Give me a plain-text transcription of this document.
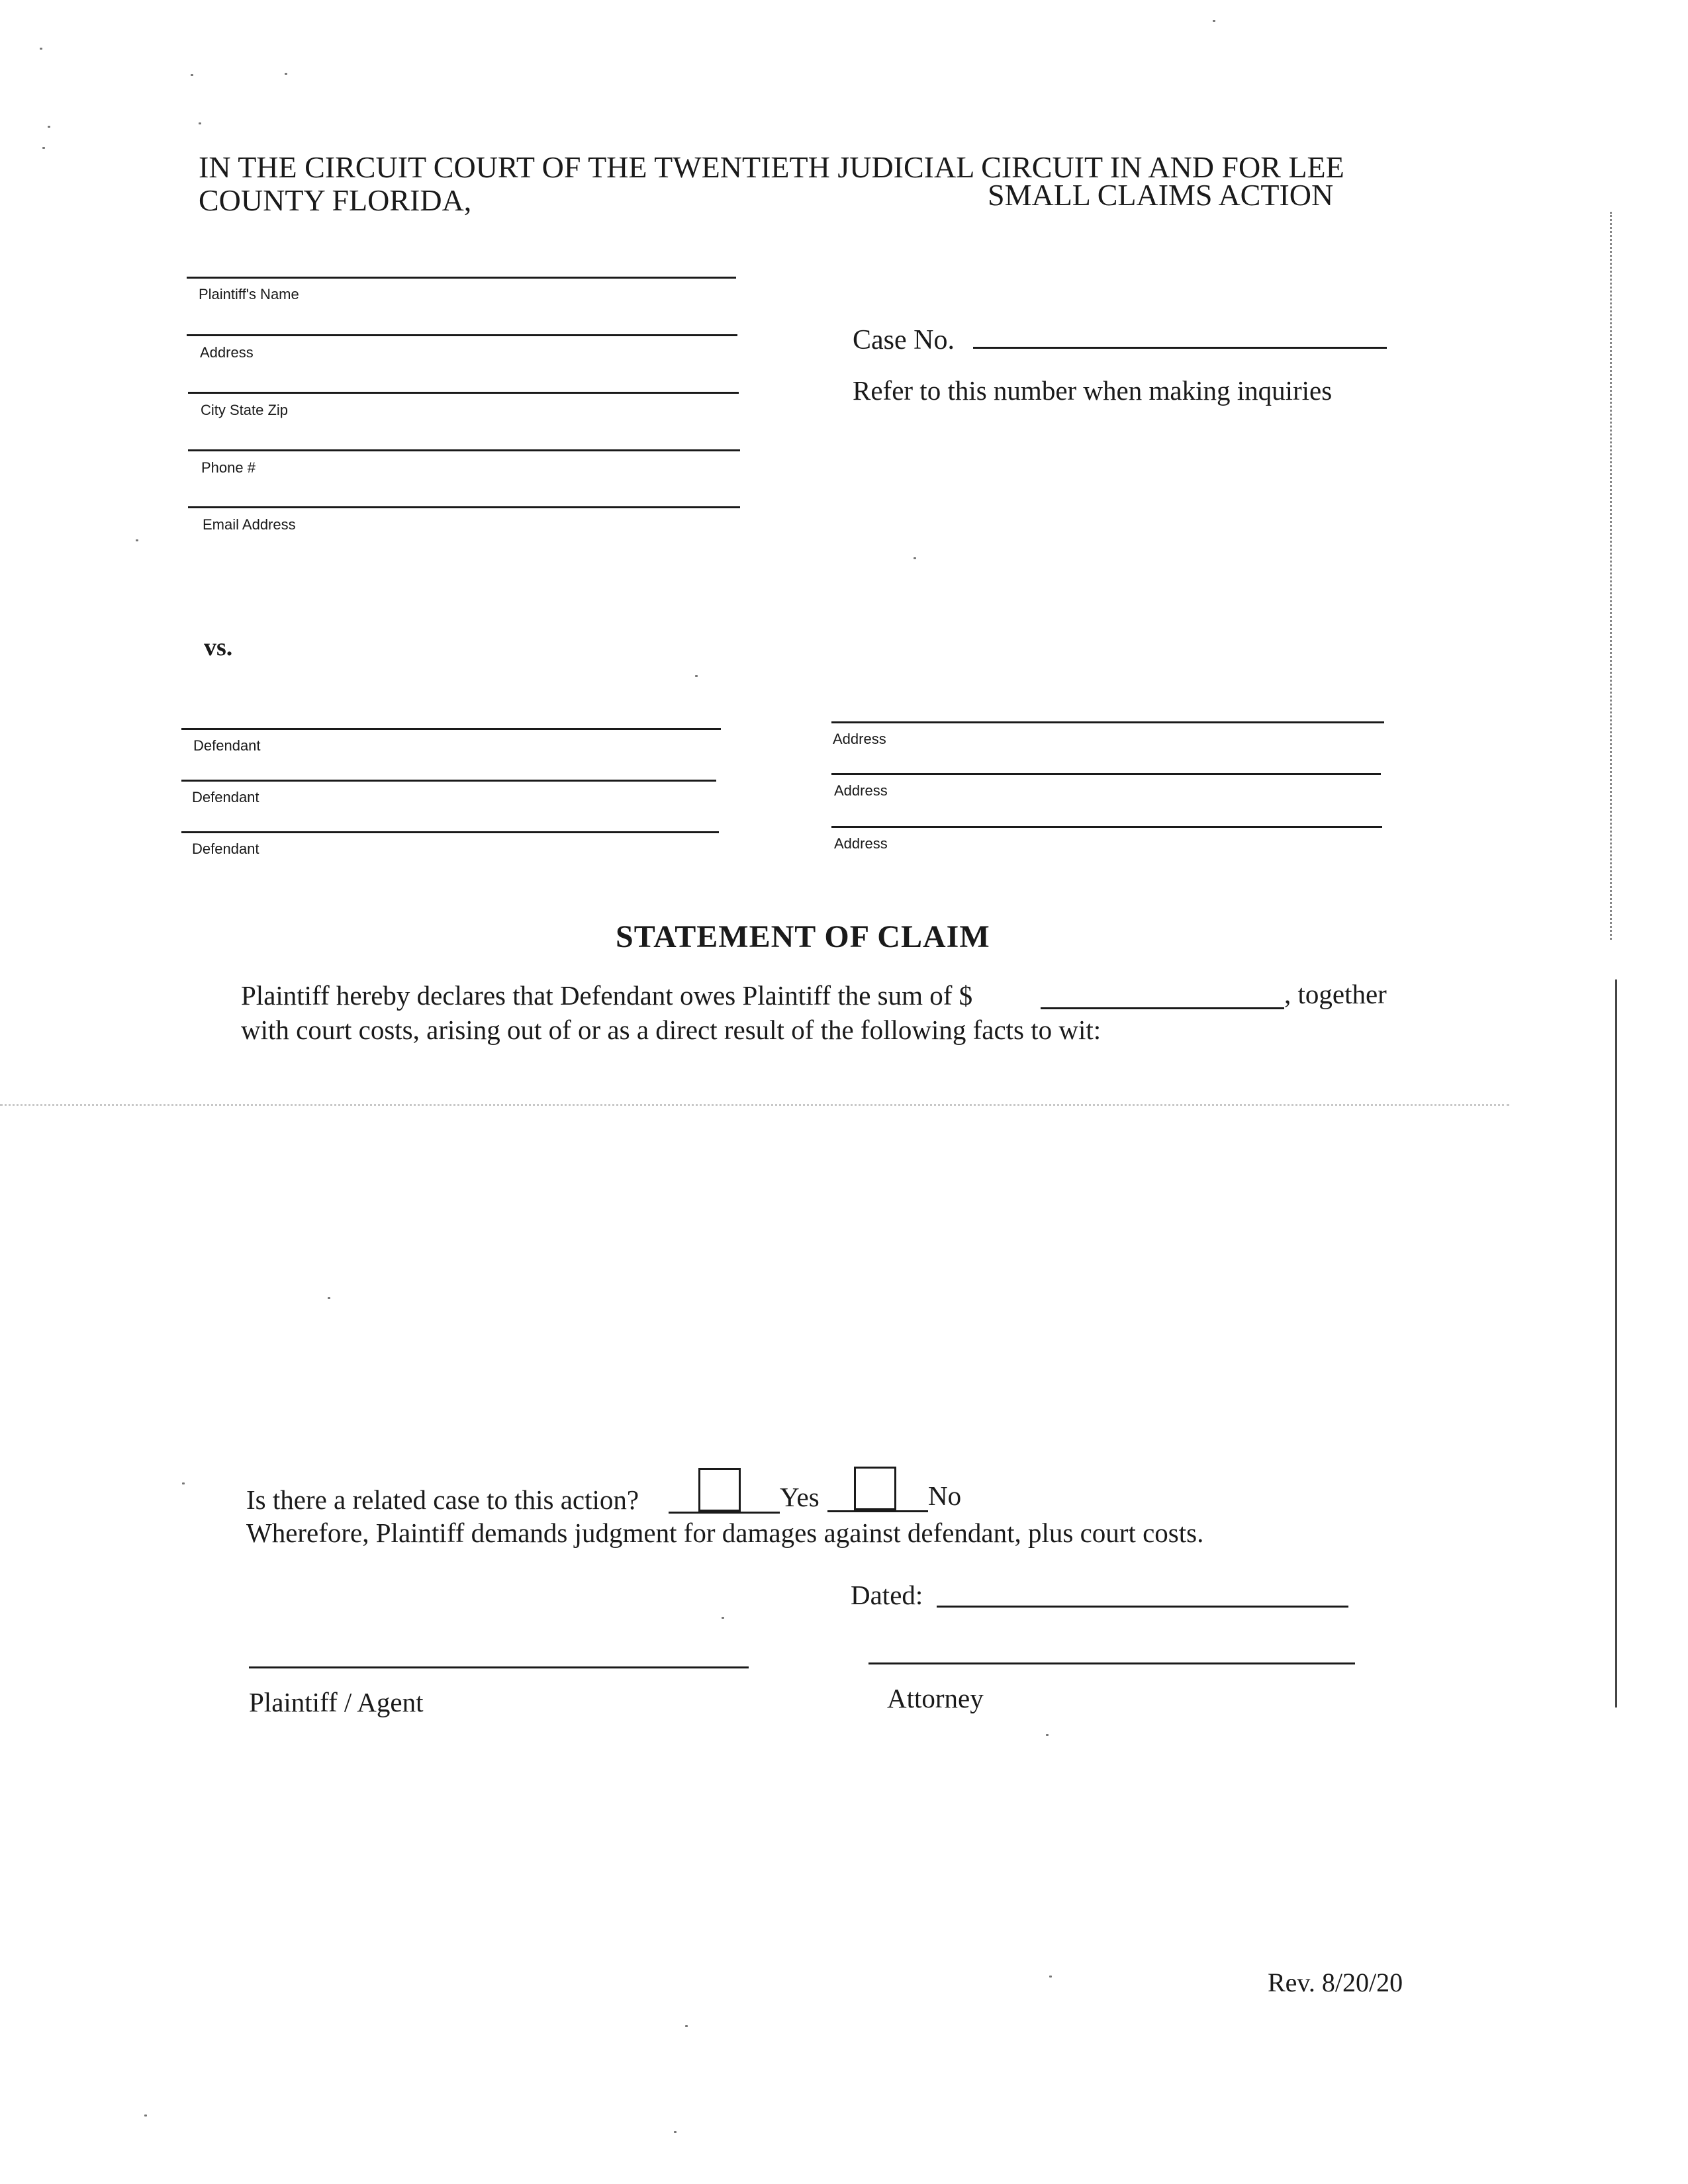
IN THE CIRCUIT COURT OF THE TWENTIETH JUDICIAL CIRCUIT IN AND FOR LEE
COUNTY FLORIDA,	SMALL CLAIMS ACTION
Plaintiff's Name
Address
City State Zip
Phone #
Email Address
Case No.
Refer to this number when making inquiries
vs.
Defendant
Defendant
Defendant
Address
Address
Address
STATEMENT OF CLAIM
Plaintiff hereby declares that Defendant owes Plaintiff the sum of $	, together
with court costs, arising out of or as a direct result of the following facts to wit:
Is there a related case to this action?	Yes	No
Wherefore, Plaintiff demands judgment for damages against defendant, plus court costs.
Dated:
Plaintiff / Agent	Attorney
Rev. 8/20/20
